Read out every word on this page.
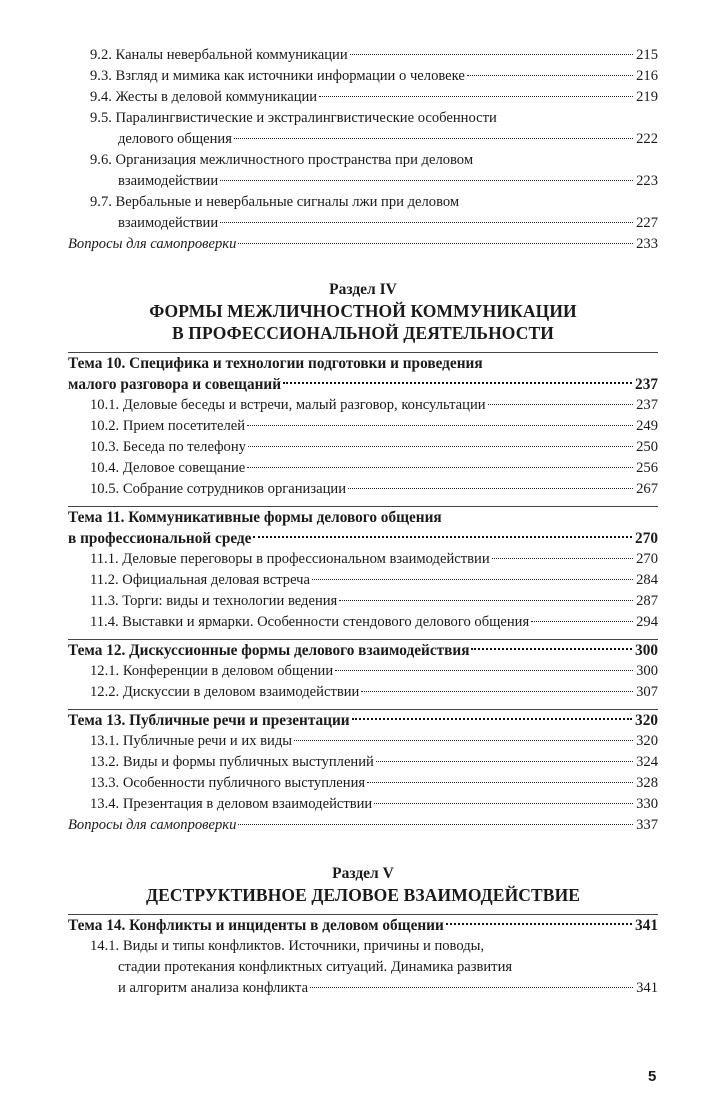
9.2. Каналы невербальной коммуникации	215
9.3. Взгляд и мимика как источники информации о человеке	216
9.4. Жесты в деловой коммуникации	219
9.5. Паралингвистические и экстралингвистические особенности
делового общения	222
9.6. Организация межличностного пространства при деловом
взаимодействии	223
9.7. Вербальные и невербальные сигналы лжи при деловом
взаимодействии	227
Вопросы для самопроверки	233
Раздел IV
ФОРМЫ МЕЖЛИЧНОСТНОЙ КОММУНИКАЦИИ
В ПРОФЕССИОНАЛЬНОЙ ДЕЯТЕЛЬНОСТИ
Тема 10. Специфика и технологии подготовки и проведения
малого разговора и совещаний	237
10.1. Деловые беседы и встречи, малый разговор, консультации	237
10.2. Прием посетителей	249
10.3. Беседа по телефону	250
10.4. Деловое совещание	256
10.5. Собрание сотрудников организации	267
Тема 11. Коммуникативные формы делового общения
в профессиональной среде	270
11.1. Деловые переговоры в профессиональном взаимодействии	270
11.2. Официальная деловая встреча	284
11.3. Торги: виды и технологии ведения	287
11.4. Выставки и ярмарки. Особенности стендового делового общения	294
Тема 12. Дискуссионные формы делового взаимодействия	300
12.1. Конференции в деловом общении	300
12.2. Дискуссии в деловом взаимодействии	307
Тема 13. Публичные речи и презентации	320
13.1. Публичные речи и их виды	320
13.2. Виды и формы публичных выступлений	324
13.3. Особенности публичного выступления	328
13.4. Презентация в деловом взаимодействии	330
Вопросы для самопроверки	337
Раздел V
ДЕСТРУКТИВНОЕ ДЕЛОВОЕ ВЗАИМОДЕЙСТВИЕ
Тема 14. Конфликты и инциденты в деловом общении	341
14.1. Виды и типы конфликтов. Источники, причины и поводы,
стадии протекания конфликтных ситуаций. Динамика развития
и алгоритм анализа конфликта	341
5
